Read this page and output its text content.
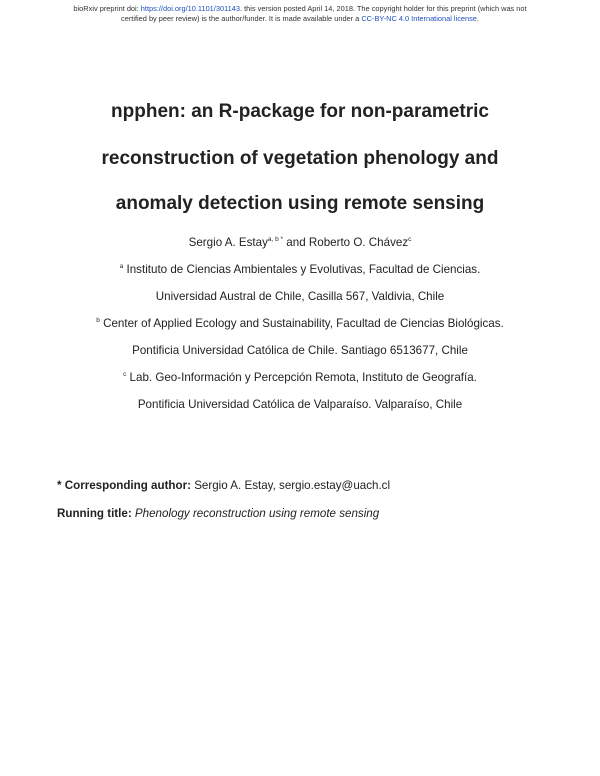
bioRxiv preprint doi: https://doi.org/10.1101/301143. this version posted April 14, 2018. The copyright holder for this preprint (which was not
certified by peer review) is the author/funder. It is made available under a CC-BY-NC 4.0 International license.
npphen: an R-package for non-parametric
reconstruction of vegetation phenology and
anomaly detection using remote sensing
Sergio A. Estay$^{a, b *}$ and Roberto O. Chávez$^c$
$^a$ Instituto de Ciencias Ambientales y Evolutivas, Facultad de Ciencias.
Universidad Austral de Chile, Casilla 567, Valdivia, Chile
$^b$ Center of Applied Ecology and Sustainability, Facultad de Ciencias Biológicas.
Pontificia Universidad Católica de Chile. Santiago 6513677, Chile
$^c$ Lab. Geo-Información y Percepción Remota, Instituto de Geografía.
Pontificia Universidad Católica de Valparaíso. Valparaíso, Chile
* Corresponding author: Sergio A. Estay, sergio.estay@uach.cl
Running title: Phenology reconstruction using remote sensing
